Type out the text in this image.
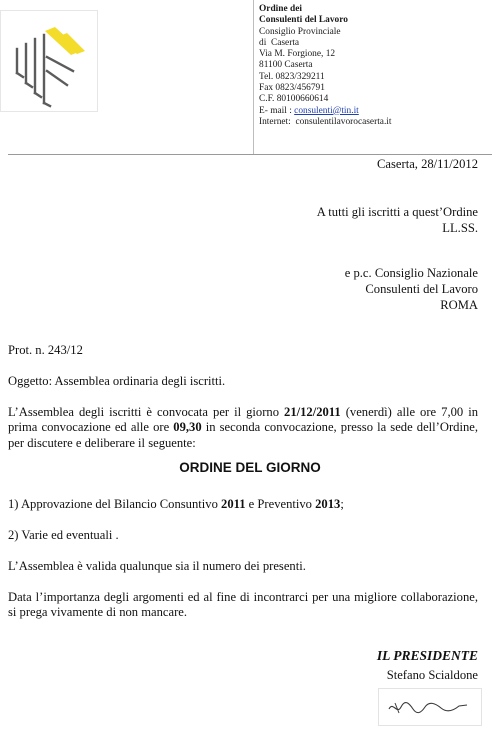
Ordine dei
Consulenti del Lavoro
Consiglio Provinciale
di  Caserta
Via M. Forgione, 12
81100 Caserta
Tel. 0823/329211
Fax 0823/456791
C.F. 80100660614
E- mail : consulenti@tin.it
Internet:  consulentilavorocaserta.it
Caserta, 28/11/2012
A tutti gli iscritti a quest’Ordine
LL.SS.
e p.c. Consiglio Nazionale
Consulenti del Lavoro
ROMA
Prot. n. 243/12
Oggetto: Assemblea ordinaria degli iscritti.
L’Assemblea degli iscritti è convocata per il giorno 21/12/2011 (venerdì) alle ore 7,00 in prima convocazione ed alle ore 09,30 in seconda convocazione, presso la sede dell’Ordine, per discutere e deliberare il seguente:
ORDINE DEL GIORNO
1) Approvazione del Bilancio Consuntivo 2011 e Preventivo 2013;
2) Varie ed eventuali .
L’Assemblea è valida qualunque sia il numero dei presenti.
Data l’importanza degli argomenti ed al fine di incontrarci per una migliore collaborazione, si prega vivamente di non mancare.
IL PRESIDENTE
Stefano Scialdone
